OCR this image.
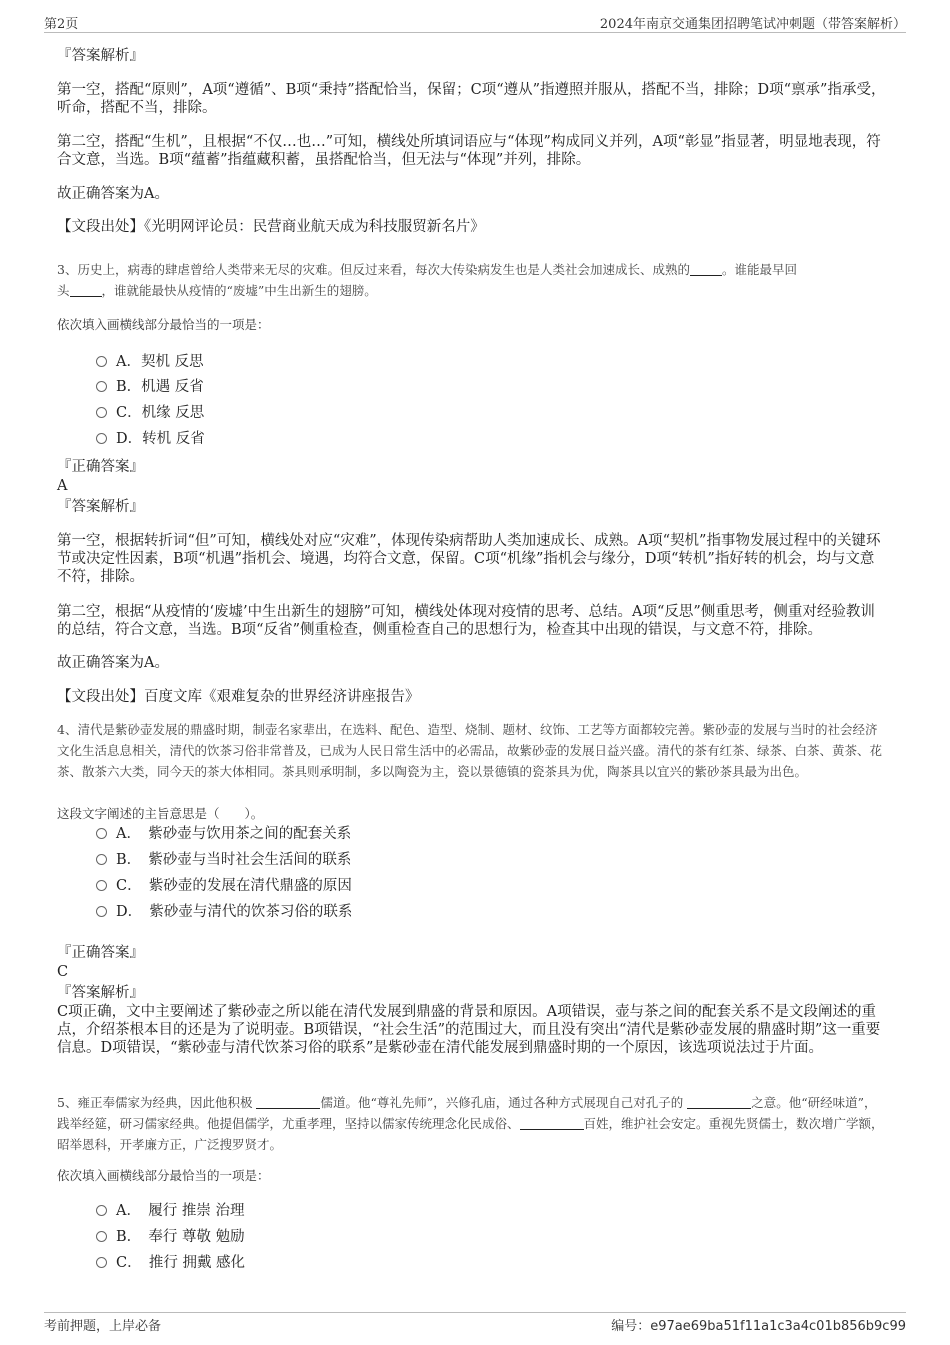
第2页	2024年南京交通集团招聘笔试冲刺题（带答案解析）
『答案解析』
第一空，搭配“原则”，A项“遵循”、B项“秉持”搭配恰当，保留；C项“遵从”指遵照并服从，搭配不当，排除；D项“禀承”指承受，听命，搭配不当，排除。
第二空，搭配“生机”，且根据“不仅…也…”可知，横线处所填词语应与“体现”构成同义并列，A项“彰显”指显著，明显地表现，符合文意，当选。B项“蕴蓄”指蕴藏积蓄，虽搭配恰当，但无法与“体现”并列，排除。
故正确答案为A。
【文段出处】《光明网评论员：民营商业航天成为科技服贸新名片》
3、历史上，病毒的肆虐曾给人类带来无尽的灾难。但反过来看，每次大传染病发生也是人类社会加速成长、成熟的	。谁能最早回
头	，谁就能最快从疫情的“废墟”中生出新生的翅膀。
依次填入画横线部分最恰当的一项是：
A．契机 反思
B．机遇 反省
C．机缘 反思
D．转机 反省
『正确答案』
A
『答案解析』
第一空，根据转折词“但”可知，横线处对应“灾难”，体现传染病帮助人类加速成长、成熟。A项“契机”指事物发展过程中的关键环节或决定性因素，B项“机遇”指机会、境遇，均符合文意，保留。C项“机缘”指机会与缘分，D项“转机”指好转的机会，均与文意不符，排除。
第二空，根据“从疫情的‘废墟’中生出新生的翅膀”可知，横线处体现对疫情的思考、总结。A项“反思”侧重思考，侧重对经验教训的总结，符合文意，当选。B项“反省”侧重检查，侧重检查自己的思想行为，检查其中出现的错误，与文意不符，排除。
故正确答案为A。
【文段出处】百度文库《艰难复杂的世界经济讲座报告》
4、清代是紫砂壶发展的鼎盛时期，制壶名家辈出，在选料、配色、造型、烧制、题材、纹饰、工艺等方面都较完善。紫砂壶的发展与当时的社会经济文化生活息息相关，清代的饮茶习俗非常普及，已成为人民日常生活中的必需品，故紫砂壶的发展日益兴盛。清代的茶有红茶、绿茶、白茶、黄茶、花茶、散茶六大类，同今天的茶大体相同。茶具则承明制，多以陶瓷为主，瓷以景德镇的瓷茶具为优，陶茶具以宜兴的紫砂茶具最为出色。
这段文字阐述的主旨意思是（　　）。
A．　紫砂壶与饮用茶之间的配套关系
B．　紫砂壶与当时社会生活间的联系
C．　紫砂壶的发展在清代鼎盛的原因
D．　紫砂壶与清代的饮茶习俗的联系
『正确答案』
C
『答案解析』
C项正确，文中主要阐述了紫砂壶之所以能在清代发展到鼎盛的背景和原因。A项错误，壶与茶之间的配套关系不是文段阐述的重点，介绍茶根本目的还是为了说明壶。B项错误，“社会生活”的范围过大，而且没有突出“清代是紫砂壶发展的鼎盛时期”这一重要信息。D项错误，“紫砂壶与清代饮茶习俗的联系”是紫砂壶在清代能发展到鼎盛时期的一个原因，该选项说法过于片面。
5、雍正奉儒家为经典，因此他积极	儒道。他“尊礼先师”，兴修孔庙，通过各种方式展现自己对孔子的	之意。他“研经味道”，践举经筵，研习儒家经典。他提倡儒学，尤重孝理，坚持以儒家传统理念化民成俗、	百姓，维护社会安定。重视先贤儒士，数次增广学额，昭举恩科，开孝廉方正，广泛搜罗贤才。
依次填入画横线部分最恰当的一项是：
A．　履行 推崇 治理
B．　奉行 尊敬 勉励
C．　推行 拥戴 感化
考前押题，上岸必备	编号：e97ae69ba51f11a1c3a4c01b856b9c99
